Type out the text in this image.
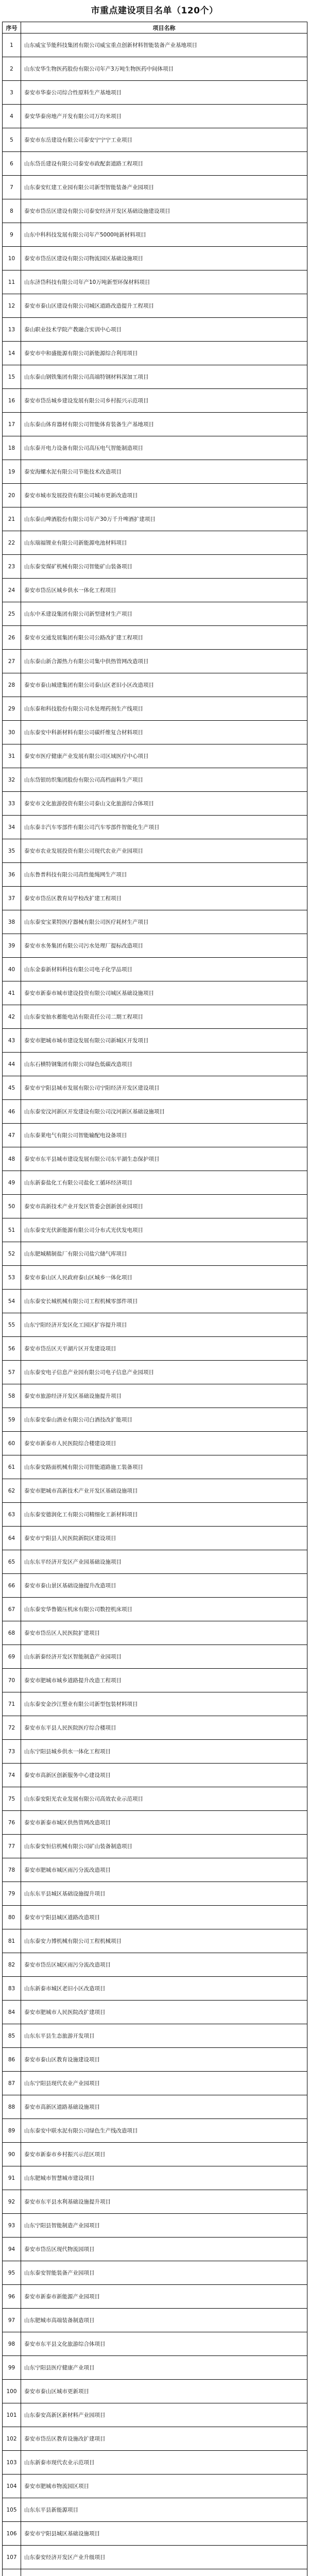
市重点建设项目名单（120个）
序号	项目名称
1	山东威宝节能科技集团有限公司威宝重点创新材料智能装备产业基地项目
2	山东安华生物医药股份有限公司年产3万吨生物医药中间体项目
3	泰安市华泰公司综合性原料生产基地项目
4	泰安华泰房地产开发有限公司万均米项目
5	泰安市东岳建设有限公司泰安宁宁宁工业项目
6	山东岱岳建设有限公司泰安市政配套道路工程项目
7	山东泰安红建工业园有限公司新型智能装备产业园项目
8	泰安市岱岳区建设有限公司泰安经济开发区基础设施建设项目
9	山东中科科技发展有限公司年产5000吨新材料项目
10	泰安市岱岳区建设有限公司物流园区基础设施项目
11	山东济岱科技有限公司年产10万吨新型环保材料项目
12	泰安市泰山区建设有限公司城区道路改造提升工程项目
13	泰山职业技术学院产教融合实训中心项目
14	泰安市中和盛能源有限公司新能源综合利用项目
15	山东泰山钢铁集团有限公司高端特钢材料深加工项目
16	泰安市岱岳城乡建设发展有限公司乡村振兴示范项目
17	山东泰山体育器材有限公司智能体育装备生产基地项目
18	山东泰开电力设备有限公司高压电气智能制造项目
19	泰安海螺水泥有限公司节能技术改造项目
20	泰安市城市发展投资有限公司城市更新改造项目
21	山东泰山啤酒股份有限公司年产30万千升啤酒扩建项目
22	山东瑞福锂业有限公司新能源电池材料项目
23	山东泰安煤矿机械有限公司智能矿山装备项目
24	泰安市岱岳区城乡供水一体化工程项目
25	山东中禾建设集团有限公司新型建材生产项目
26	泰安市交通发展集团有限公司公路改扩建工程项目
27	山东泰山新合源热力有限公司集中供热管网改造项目
28	泰安市泰山城建集团有限公司泰山区老旧小区改造项目
29	山东泰和科技股份有限公司水处理药剂生产线项目
30	山东泰安中科新材料有限公司碳纤维复合材料项目
31	泰安市医疗健康产业发展有限公司区域医疗中心项目
32	山东岱银纺织集团股份有限公司高档面料生产项目
33	泰安市文化旅游投资有限公司泰山文化旅游综合体项目
34	山东泰丰汽车零部件有限公司汽车零部件智能化生产项目
35	泰安市农业发展投资有限公司现代农业产业园项目
36	山东鲁普科技有限公司高性能绳网生产项目
37	泰安市岱岳区教育局学校改扩建工程项目
38	山东泰安宝莱特医疗器械有限公司医疗耗材生产项目
39	泰安市水务集团有限公司污水处理厂提标改造项目
40	山东金泰新材料科技有限公司电子化学品项目
41	泰安市新泰市城市建设投资有限公司城区基础设施项目
42	山东泰安抽水蓄能电站有限责任公司二期工程项目
43	泰安市肥城市城市建设发展有限公司新城区开发项目
44	山东石横特钢集团有限公司绿色低碳改造项目
45	泰安市宁阳县城市发展有限公司宁阳经济开发区建设项目
46	山东泰安汶河新区开发建设有限公司汶河新区基础设施项目
47	山东泰莱电气有限公司智能输配电设备项目
48	泰安市东平县城市建设发展有限公司东平湖生态保护项目
49	山东新泰盐化工有限公司盐化工循环经济项目
50	泰安市高新技术产业开发区管委会创新创业园项目
51	山东泰安光伏新能源有限公司分布式光伏发电项目
52	山东肥城精制盐厂有限公司盐穴储气库项目
53	泰安市泰山区人民政府泰山区城乡一体化项目
54	山东泰安长城机械有限公司工程机械零部件项目
55	山东宁阳经济开发区化工园区扩容提升项目
56	泰安市岱岳区天平湖片区开发建设项目
57	山东泰安电子信息产业园有限公司电子信息产业园项目
58	泰安市旅游经济开发区基础设施提升项目
59	山东泰安泰山酒业有限公司白酒技改扩能项目
60	泰安市新泰市人民医院综合楼建设项目
61	山东泰安路面机械有限公司智能道路施工装备项目
62	泰安市肥城市高新技术产业开发区基础设施项目
63	山东泰安德润化工有限公司精细化工新材料项目
64	泰安市宁阳县人民医院新院区建设项目
65	山东东平经济开发区产业园基础设施项目
66	泰安市泰山景区基础设施提升改造项目
67	山东泰安华鲁锻压机床有限公司数控机床项目
68	泰安市岱岳区人民医院扩建项目
69	山东新泰经济开发区智能制造产业园项目
70	泰安市肥城市城乡道路提升改造工程项目
71	山东泰安金沙江塑业有限公司新型包装材料项目
72	泰安市东平县人民医院医疗综合楼项目
73	山东宁阳县城乡供水一体化工程项目
74	泰安市高新区创新服务中心建设项目
75	山东泰安阳光农业发展有限公司高效农业示范项目
76	泰安市新泰市城区供热管网改造项目
77	山东泰安恒信机械有限公司矿山装备制造项目
78	泰安市肥城市城区雨污分流改造项目
79	山东东平县城区基础设施提升项目
80	泰安市宁阳县城区道路改造项目
81	山东泰安力博机械有限公司工程机械项目
82	泰安市岱岳区城区雨污分流改造项目
83	山东新泰市城区老旧小区改造项目
84	泰安市肥城市人民医院改扩建项目
85	山东东平县生态旅游开发项目
86	泰安市泰山区教育设施建设项目
87	山东宁阳县现代农业产业园项目
88	泰安市高新区道路基础设施项目
89	山东泰安中联水泥有限公司绿色生产线改造项目
90	泰安市新泰市乡村振兴示范区项目
91	山东肥城市智慧城市建设项目
92	泰安市东平县水利基础设施提升项目
93	山东宁阳县智能制造产业园项目
94	泰安市岱岳区现代物流园项目
95	山东泰安智能装备产业园项目
96	泰安市新泰市新能源产业园项目
97	山东肥城市高端装备制造项目
98	泰安市东平县文化旅游综合体项目
99	山东宁阳县医疗健康产业项目
100	泰安市泰山区城市更新项目
101	山东泰安高新区新材料产业园项目
102	泰安市岱岳区教育设施改扩建项目
103	山东新泰市现代农业示范项目
104	泰安市肥城市物流园区项目
105	山东东平县新能源项目
106	泰安市宁阳县城区基础设施项目
107	山东泰安经济开发区产业升级项目
